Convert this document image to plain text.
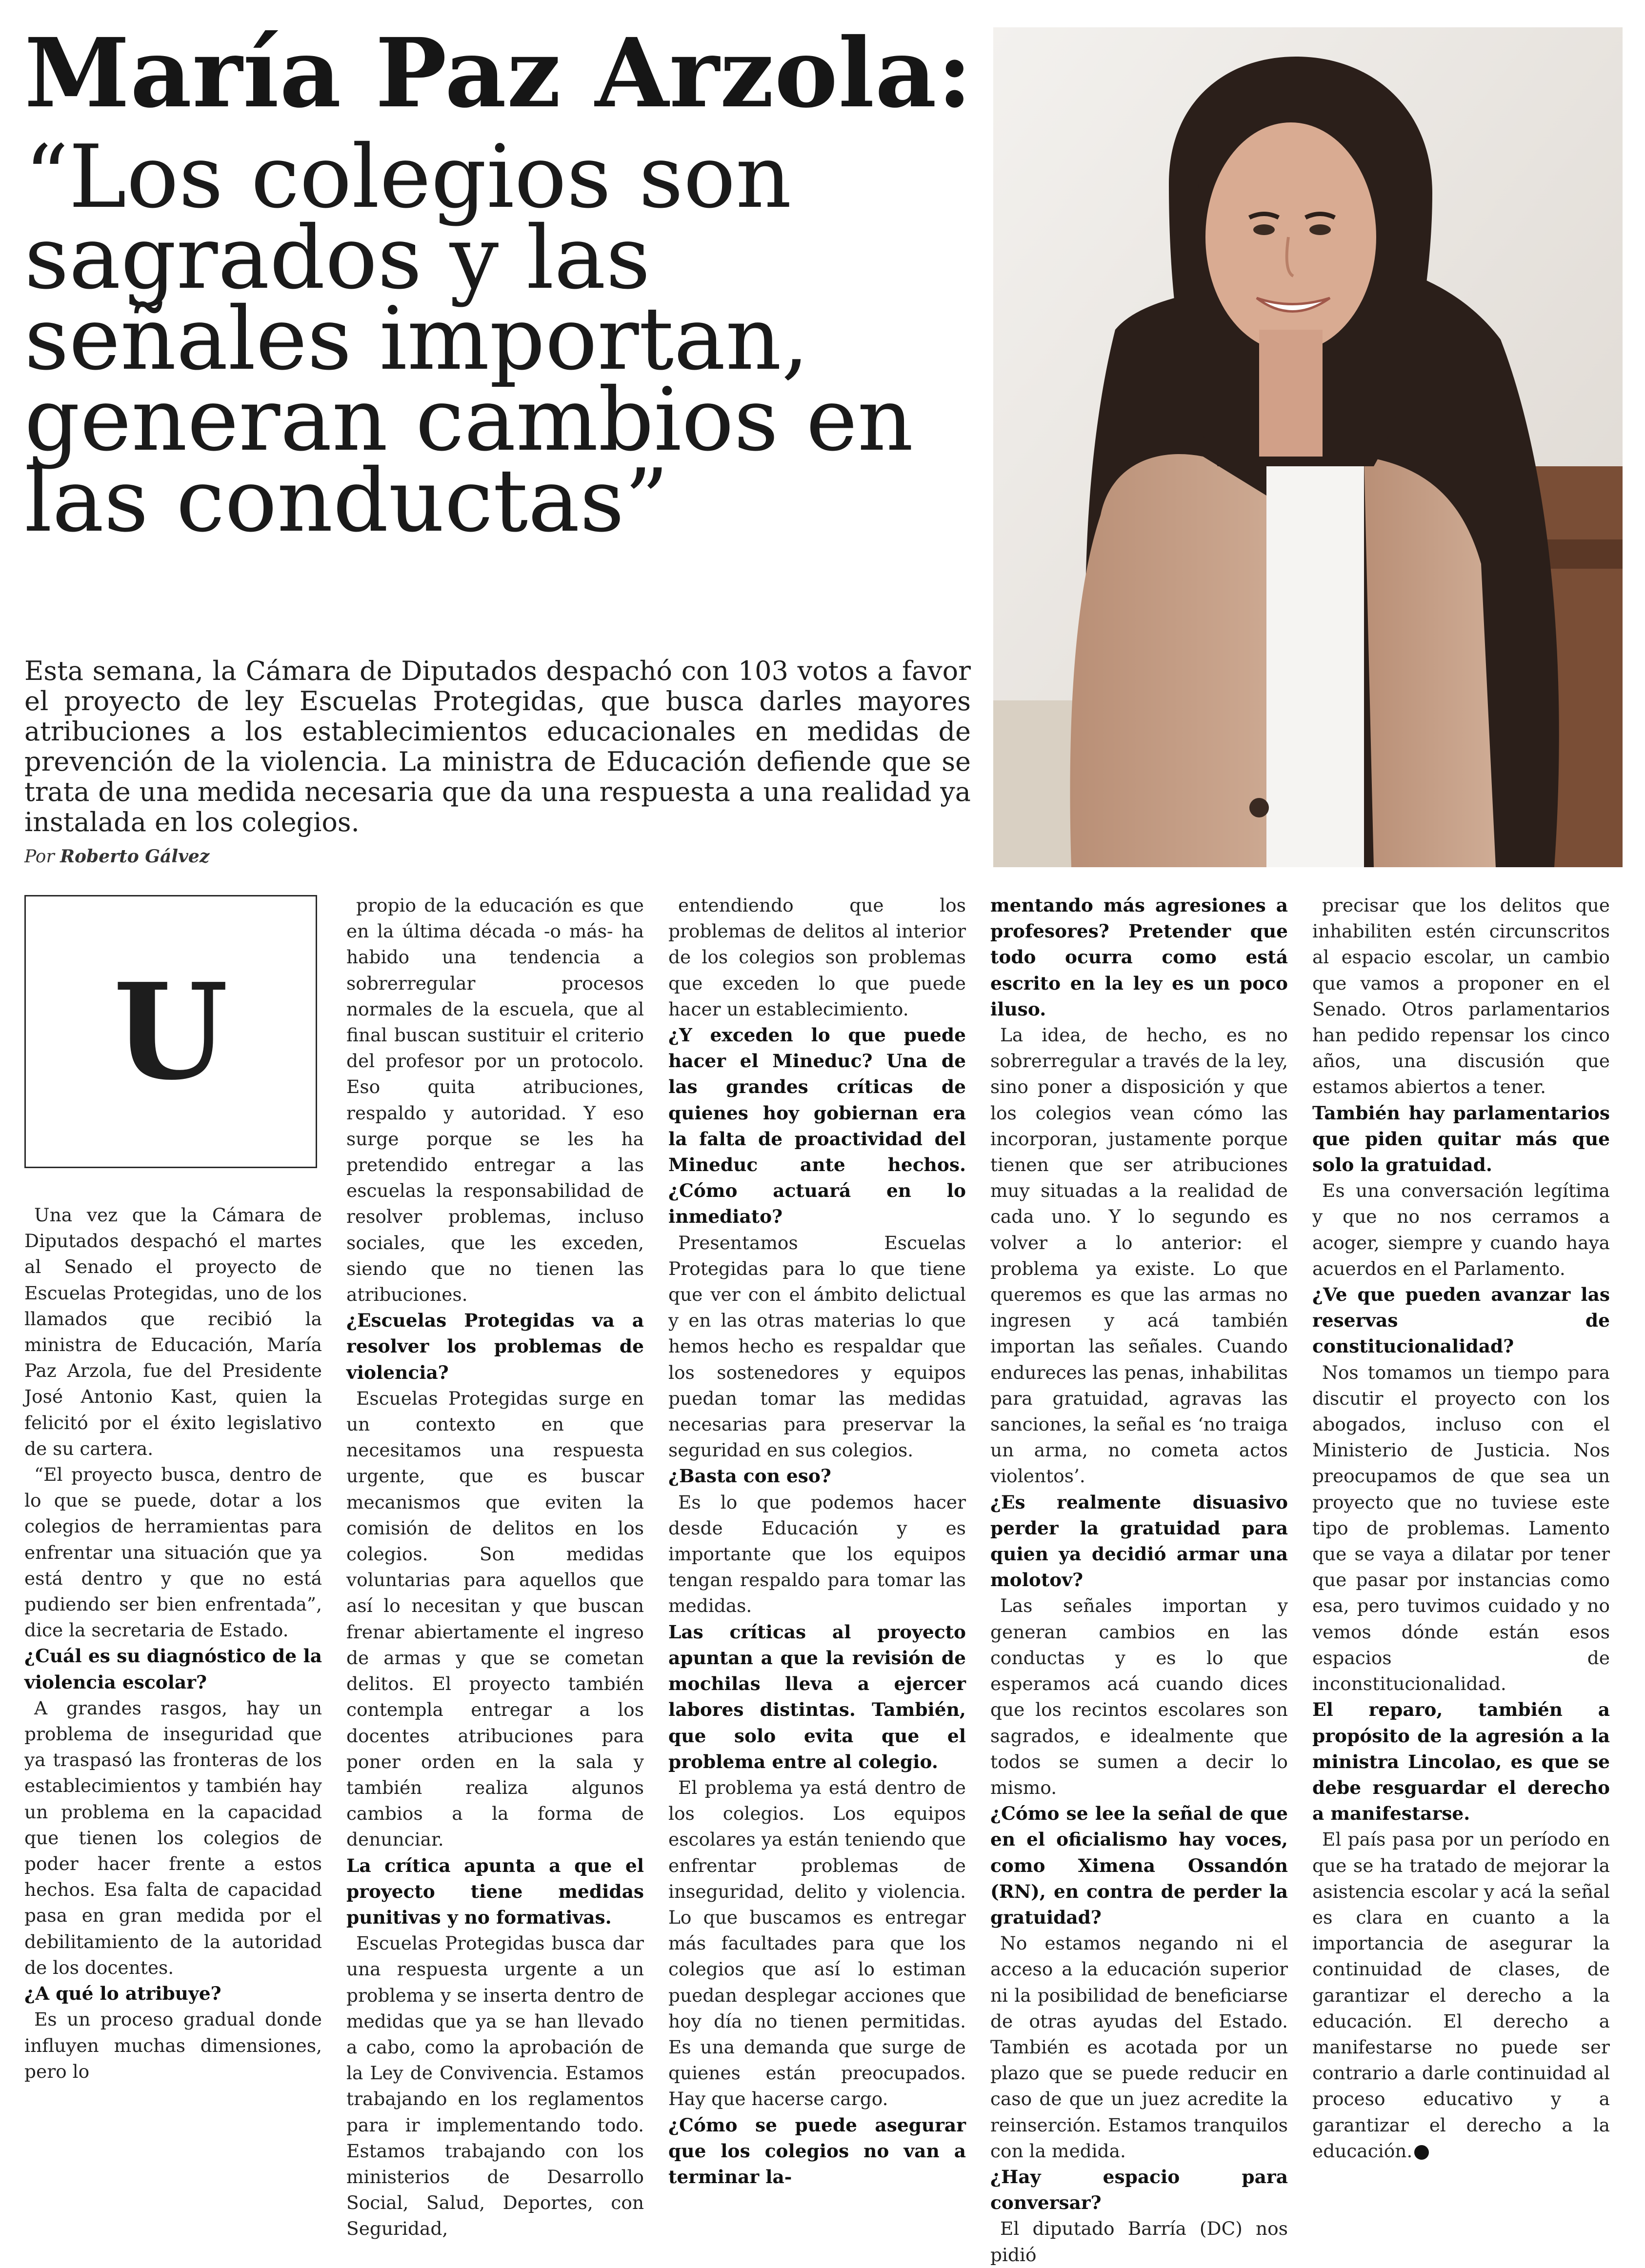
María Paz Arzola:
“Los colegios son sagrados y las señales importan, generan cambios en las conductas”
Esta semana, la Cámara de Diputados despachó con 103 votos a favor el proyecto de ley Escuelas Protegidas, que busca darles mayores atribuciones a los establecimientos educacionales en medidas de prevención de la violencia. La ministra de Educación defiende que se trata de una medida necesaria que da una respuesta a una realidad ya instalada en los colegios.
Por Roberto Gálvez
U

Una vez que la Cámara de Diputados despachó el martes al Senado el proyecto de Escuelas Protegidas, uno de los llamados que recibió la ministra de Educación, María Paz Arzola, fue del Presidente José Antonio Kast, quien la felicitó por el éxito legislativo de su cartera.

“El proyecto busca, dentro de lo que se puede, dotar a los colegios de herramientas para enfrentar una situación que ya está dentro y que no está pudiendo ser bien enfrentada”, dice la secretaria de Estado.

¿Cuál es su diagnóstico de la violencia escolar?

A grandes rasgos, hay un problema de inseguridad que ya traspasó las fronteras de los establecimientos y también hay un problema en la capacidad que tienen los colegios de poder hacer frente a estos hechos. Esa falta de capacidad pasa en gran medida por el debilitamiento de la autoridad de los docentes.

¿A qué lo atribuye?

Es un proceso gradual donde influyen muchas dimensiones, pero lo

propio de la educación es que en la última década -o más- ha habido una tendencia a sobrerregular procesos normales de la escuela, que al final buscan sustituir el criterio del profesor por un protocolo. Eso quita atribuciones, respaldo y autoridad. Y eso surge porque se les ha pretendido entregar a las escuelas la responsabilidad de resolver problemas, incluso sociales, que les exceden, siendo que no tienen las atribuciones.

¿Escuelas Protegidas va a resolver los problemas de violencia?

Escuelas Protegidas surge en un contexto en que necesitamos una respuesta urgente, que es buscar mecanismos que eviten la comisión de delitos en los colegios. Son medidas voluntarias para aquellos que así lo necesitan y que buscan frenar abiertamente el ingreso de armas y que se cometan delitos. El proyecto también contempla entregar a los docentes atribuciones para poner orden en la sala y también realiza algunos cambios a la forma de denunciar.

La crítica apunta a que el proyecto tiene medidas punitivas y no formativas.

Escuelas Protegidas busca dar una respuesta urgente a un problema y se inserta dentro de medidas que ya se han llevado a cabo, como la aprobación de la Ley de Convivencia. Estamos trabajando en los reglamentos para ir implementando todo. Estamos trabajando con los ministerios de Desarrollo Social, Salud, Deportes, con Seguridad,

entendiendo que los problemas de delitos al interior de los colegios son problemas que exceden lo que puede hacer un establecimiento.

¿Y exceden lo que puede hacer el Mineduc? Una de las grandes críticas de quienes hoy gobiernan era la falta de proactividad del Mineduc ante hechos. ¿Cómo actuará en lo inmediato?

Presentamos Escuelas Protegidas para lo que tiene que ver con el ámbito delictual y en las otras materias lo que hemos hecho es respaldar que los sostenedores y equipos puedan tomar las medidas necesarias para preservar la seguridad en sus colegios.

¿Basta con eso?

Es lo que podemos hacer desde Educación y es importante que los equipos tengan respaldo para tomar las medidas.

Las críticas al proyecto apuntan a que la revisión de mochilas lleva a ejercer labores distintas. También, que solo evita que el problema entre al colegio.

El problema ya está dentro de los colegios. Los equipos escolares ya están teniendo que enfrentar problemas de inseguridad, delito y violencia. Lo que buscamos es entregar más facultades para que los colegios que así lo estiman puedan desplegar acciones que hoy día no tienen permitidas. Es una demanda que surge de quienes están preocupados. Hay que hacerse cargo.

¿Cómo se puede asegurar que los colegios no van a terminar la-

mentando más agresiones a profesores? Pretender que todo ocurra como está escrito en la ley es un poco iluso.

La idea, de hecho, es no sobrerregular a través de la ley, sino poner a disposición y que los colegios vean cómo las incorporan, justamente porque tienen que ser atribuciones muy situadas a la realidad de cada uno. Y lo segundo es volver a lo anterior: el problema ya existe. Lo que queremos es que las armas no ingresen y acá también importan las señales. Cuando endureces las penas, inhabilitas para gratuidad, agravas las sanciones, la señal es ‘no traiga un arma, no cometa actos violentos’.

¿Es realmente disuasivo perder la gratuidad para quien ya decidió armar una molotov?

Las señales importan y generan cambios en las conductas y es lo que esperamos acá cuando dices que los recintos escolares son sagrados, e idealmente que todos se sumen a decir lo mismo.

¿Cómo se lee la señal de que en el oficialismo hay voces, como Ximena Ossandón (RN), en contra de perder la gratuidad?

No estamos negando ni el acceso a la educación superior ni la posibilidad de beneficiarse de otras ayudas del Estado. También es acotada por un plazo que se puede reducir en caso de que un juez acredite la reinserción. Estamos tranquilos con la medida.

¿Hay espacio para conversar?

El diputado Barría (DC) nos pidió

precisar que los delitos que inhabiliten estén circunscritos al espacio escolar, un cambio que vamos a proponer en el Senado. Otros parlamentarios han pedido repensar los cinco años, una discusión que estamos abiertos a tener.

También hay parlamentarios que piden quitar más que solo la gratuidad.

Es una conversación legítima y que no nos cerramos a acoger, siempre y cuando haya acuerdos en el Parlamento.

¿Ve que pueden avanzar las reservas de constitucionalidad?

Nos tomamos un tiempo para discutir el proyecto con los abogados, incluso con el Ministerio de Justicia. Nos preocupamos de que sea un proyecto que no tuviese este tipo de problemas. Lamento que se vaya a dilatar por tener que pasar por instancias como esa, pero tuvimos cuidado y no vemos dónde están esos espacios de inconstitucionalidad.

El reparo, también a propósito de la agresión a la ministra Lincolao, es que se debe resguardar el derecho a manifestarse.

El país pasa por un período en que se ha tratado de mejorar la asistencia escolar y acá la señal es clara en cuanto a la importancia de asegurar la continuidad de clases, de garantizar el derecho a la educación. El derecho a manifestarse no puede ser contrario a darle continuidad al proceso educativo y a garantizar el derecho a la educación.
